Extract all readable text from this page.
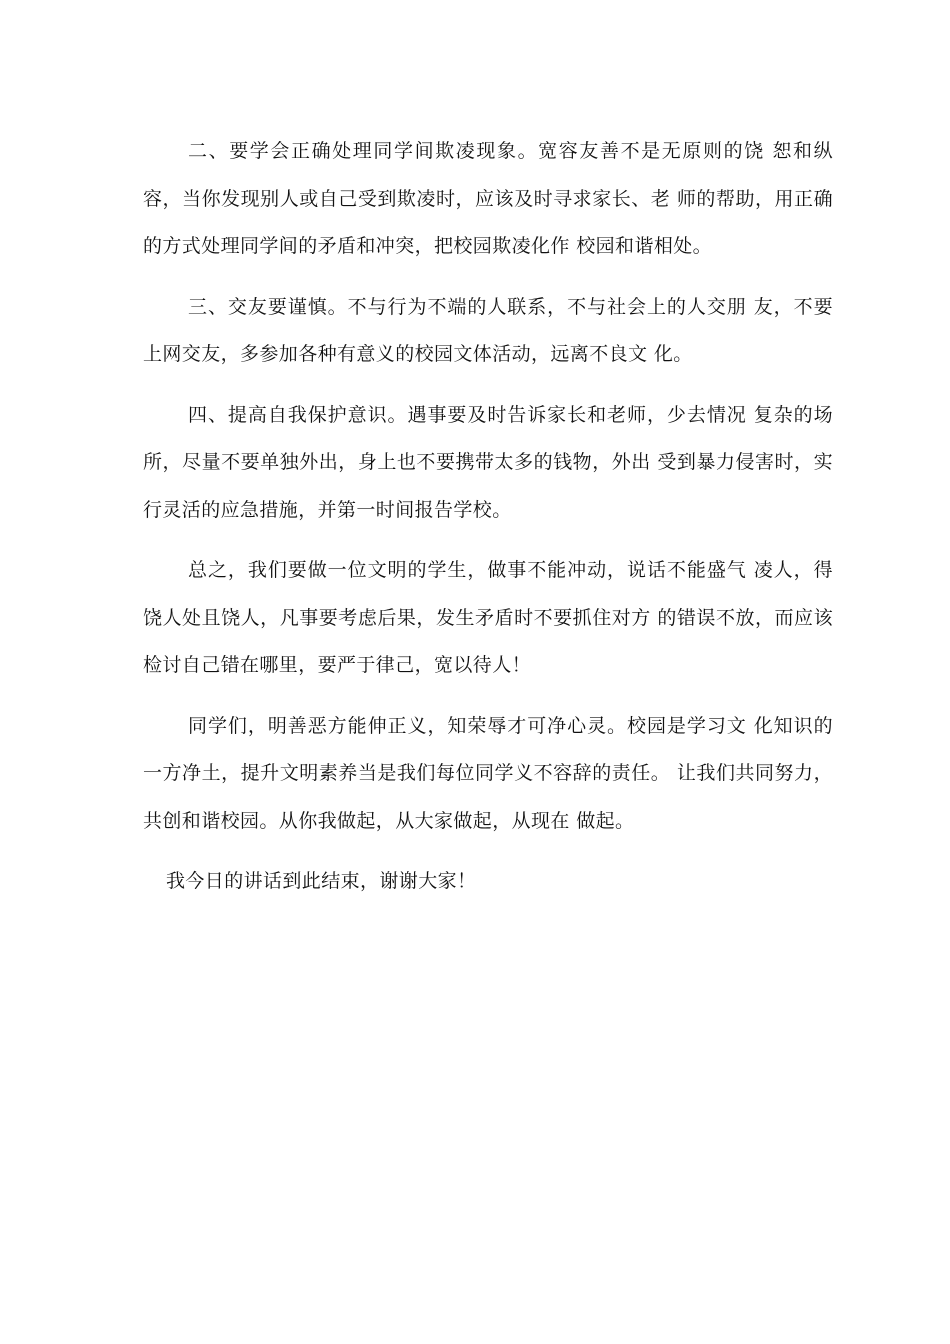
二、要学会正确处理同学间欺凌现象。宽容友善不是无原则的饶 恕和纵容，当你发现别人或自己受到欺凌时，应该及时寻求家长、老 师的帮助，用正确的方式处理同学间的矛盾和冲突，把校园欺凌化作 校园和谐相处。

三、交友要谨慎。不与行为不端的人联系，不与社会上的人交朋 友，不要上网交友，多参加各种有意义的校园文体活动，远离不良文 化。

四、提高自我保护意识。遇事要及时告诉家长和老师，少去情况 复杂的场所，尽量不要单独外出，身上也不要携带太多的钱物，外出 受到暴力侵害时，实行灵活的应急措施，并第一时间报告学校。

总之，我们要做一位文明的学生，做事不能冲动，说话不能盛气 凌人，得饶人处且饶人，凡事要考虑后果，发生矛盾时不要抓住对方 的错误不放，而应该检讨自己错在哪里，要严于律己，宽以待人！

同学们，明善恶方能伸正义，知荣辱才可净心灵。校园是学习文 化知识的一方净土，提升文明素养当是我们每位同学义不容辞的责任。 让我们共同努力，共创和谐校园。从你我做起，从大家做起，从现在 做起。

我今日的讲话到此结束，谢谢大家！
